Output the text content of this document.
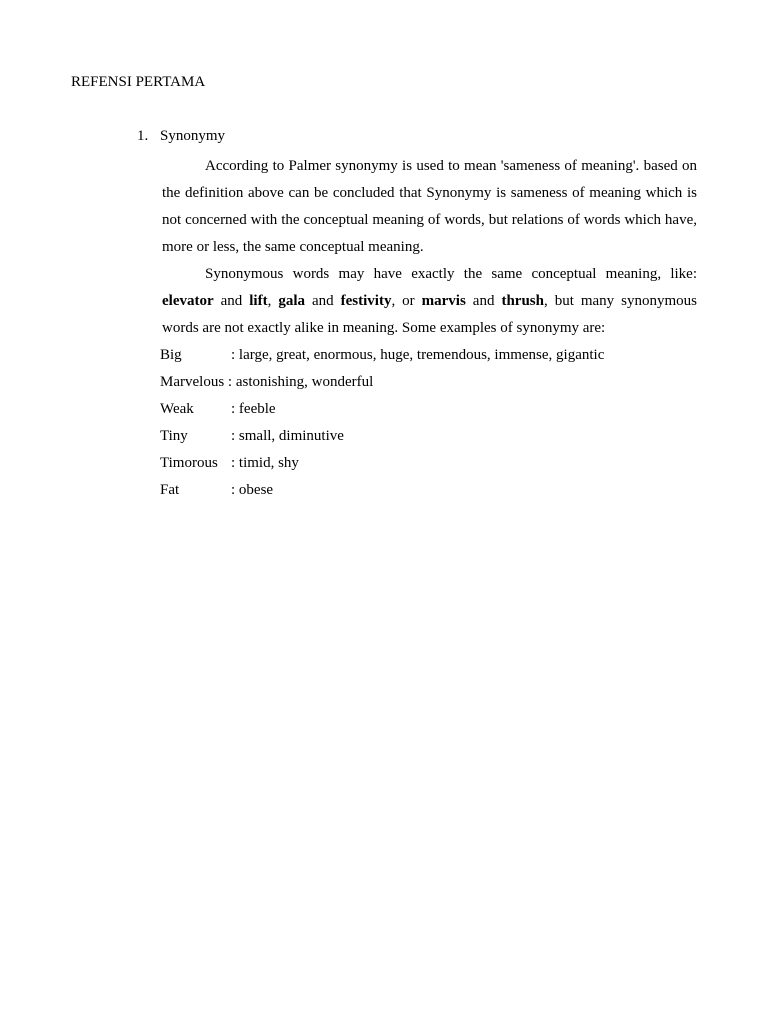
REFENSI PERTAMA
1. Synonymy

According to Palmer synonymy is used to mean 'sameness of meaning'. based on the definition above can be concluded that Synonymy is sameness of meaning which is not concerned with the conceptual meaning of words, but relations of words which have, more or less, the same conceptual meaning.

Synonymous words may have exactly the same conceptual meaning, like: elevator and lift, gala and festivity, or marvis and thrush, but many synonymous words are not exactly alike in meaning. Some examples of synonymy are:

Big	: large, great, enormous, huge, tremendous, immense, gigantic
Marvelous : astonishing, wonderful
Weak : feeble
Tiny	: small, diminutive
Timorous : timid, shy
Fat	: obese
